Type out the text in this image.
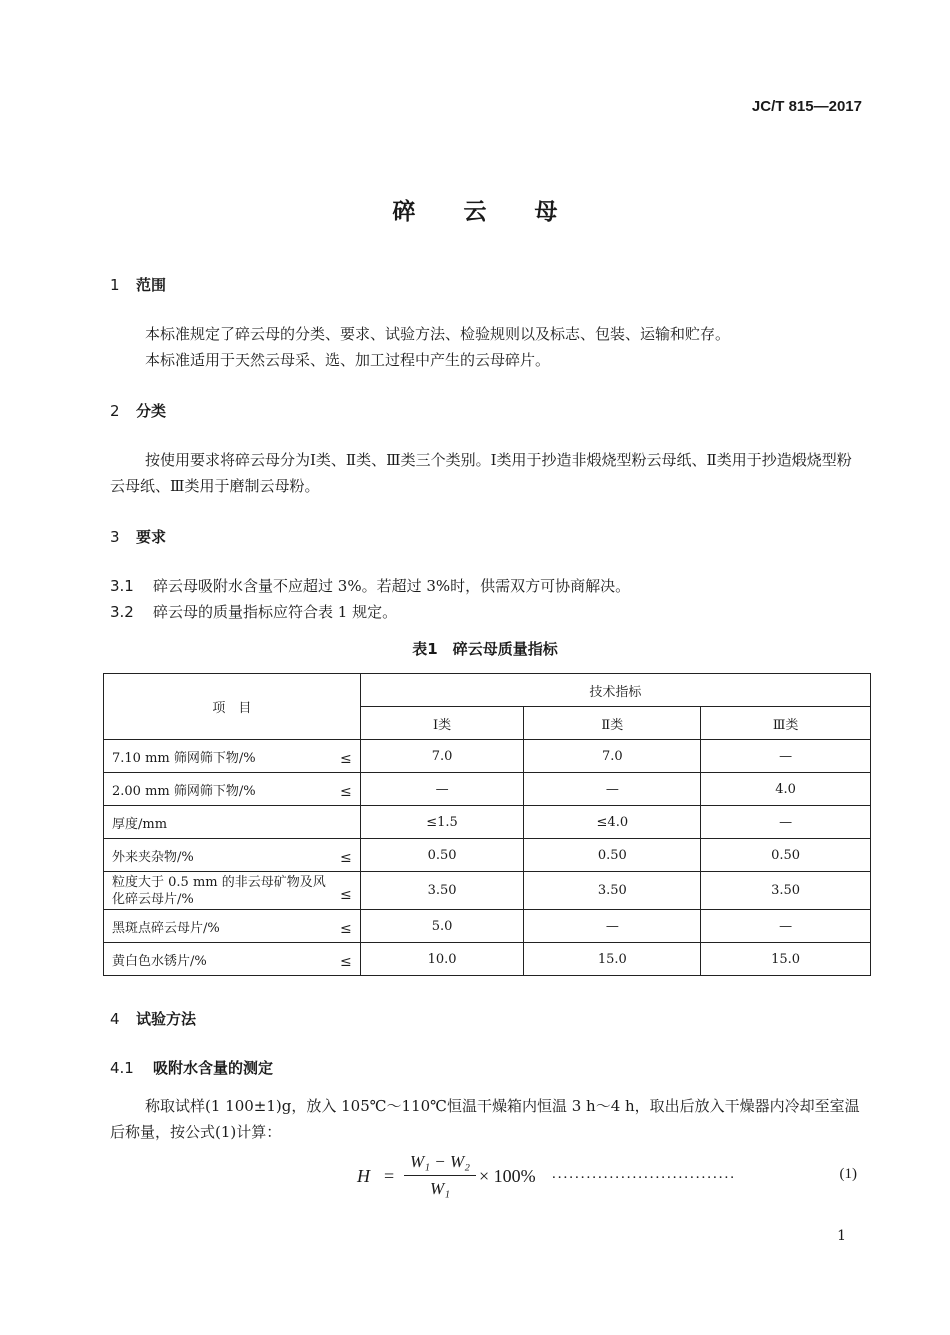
JC/T 815—2017
碎 云 母
1 范围
本标准规定了碎云母的分类、要求、试验方法、检验规则以及标志、包装、运输和贮存。
本标准适用于天然云母采、选、加工过程中产生的云母碎片。
2 分类
按使用要求将碎云母分为Ⅰ类、Ⅱ类、Ⅲ类三个类别。Ⅰ类用于抄造非煅烧型粉云母纸、Ⅱ类用于抄造煅烧型粉云母纸、Ⅲ类用于磨制云母粉。
3 要求
3.1 碎云母吸附水含量不应超过 3%。若超过 3%时，供需双方可协商解决。
3.2 碎云母的质量指标应符合表 1 规定。
表1　碎云母质量指标
项　目	技术指标		
	Ⅰ类	Ⅱ类	Ⅲ类

7.10 mm 筛网筛下物/% ≤	7.0	7.0	—

2.00 mm 筛网筛下物/% ≤	—	—	4.0

厚度/mm	≤1.5	≤4.0	—

外来夹杂物/% ≤	0.50	0.50	0.50

粒度大于 0.5 mm 的非云母矿物及风化碎云母片/% ≤	3.50	3.50	3.50

黑斑点碎云母片/% ≤	5.0	—	—

黄白色水锈片/% ≤	10.0	15.0	15.0
4 试验方法
4.1 吸附水含量的测定
称取试样(1 100±1)g，放入 105℃～110℃恒温干燥箱内恒温 3 h～4 h，取出后放入干燥器内冷却至室温后称量，按公式(1)计算：
H =
W₁ − W₂
W₁
× 100% ................................	(1)
1
